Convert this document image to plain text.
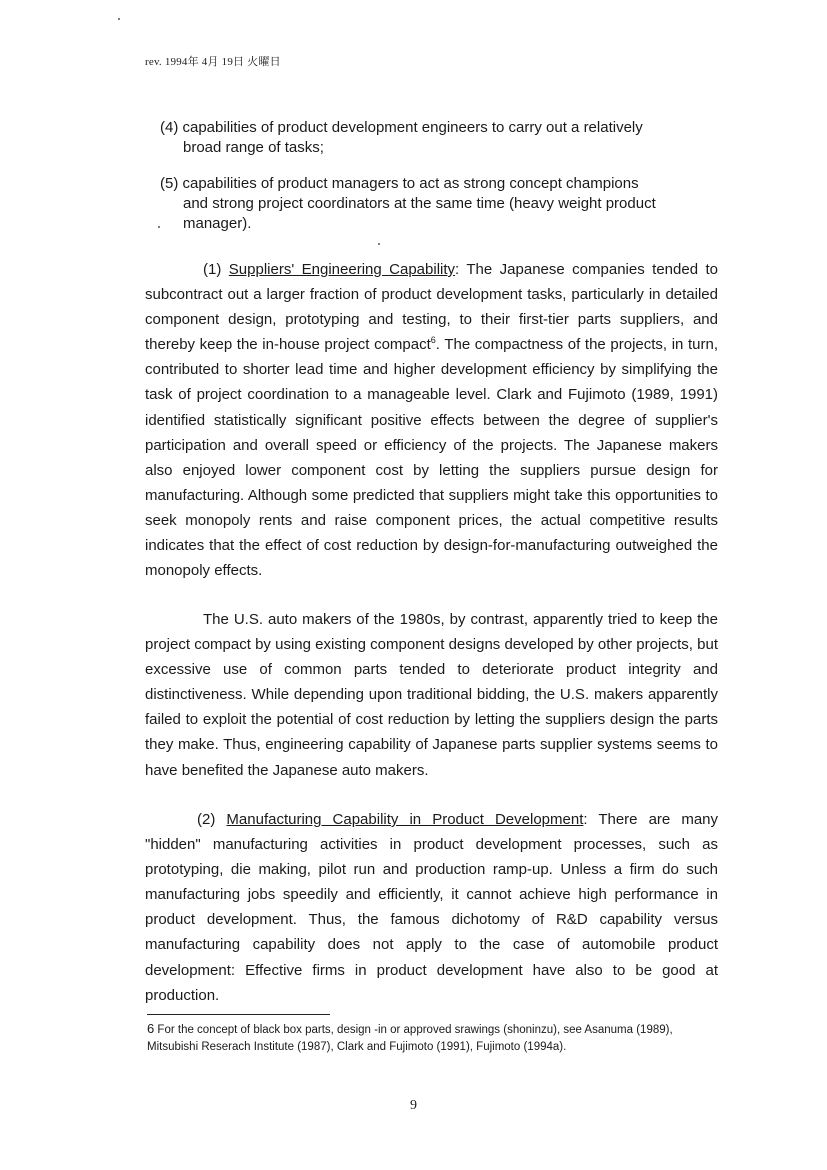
rev. 1994年 4月 19日 火曜日
(4) capabilities of product development engineers to carry out a relatively
broad range of tasks;
(5) capabilities of product managers to act as strong concept champions
and strong project coordinators at the same time (heavy weight product manager).

(1) Suppliers' Engineering Capability: The Japanese companies tended to subcontract out a larger fraction of product development tasks, particularly in detailed component design, prototyping and testing, to their first-tier parts suppliers, and thereby keep the in-house project compact$^6$. The compactness of the projects, in turn, contributed to shorter lead time and higher development efficiency by simplifying the task of project coordination to a manageable level. Clark and Fujimoto (1989, 1991) identified statistically significant positive effects between the degree of supplier's participation and overall speed or efficiency of the projects. The Japanese makers also enjoyed lower component cost by letting the suppliers pursue design for manufacturing. Although some predicted that suppliers might take this opportunities to seek monopoly rents and raise component prices, the actual competitive results indicates that the effect of cost reduction by design-for-manufacturing outweighed the monopoly effects.

The U.S. auto makers of the 1980s, by contrast, apparently tried to keep the project compact by using existing component designs developed by other projects, but excessive use of common parts tended to deteriorate product integrity and distinctiveness. While depending upon traditional bidding, the U.S. makers apparently failed to exploit the potential of cost reduction by letting the suppliers design the parts they make. Thus, engineering capability of Japanese parts supplier systems seems to have benefited the Japanese auto makers.

(2) Manufacturing Capability in Product Development: There are many "hidden" manufacturing activities in product development processes, such as prototyping, die making, pilot run and production ramp-up. Unless a firm do such manufacturing jobs speedily and efficiently, it cannot achieve high performance in product development. Thus, the famous dichotomy of R&D capability versus manufacturing capability does not apply to the case of automobile product development: Effective firms in product development have also to be good at production.

6 For the concept of black box parts, design -in or approved srawings (shoninzu), see Asanuma (1989), Mitsubishi Reserach Institute (1987), Clark and Fujimoto (1991), Fujimoto (1994a).

9
